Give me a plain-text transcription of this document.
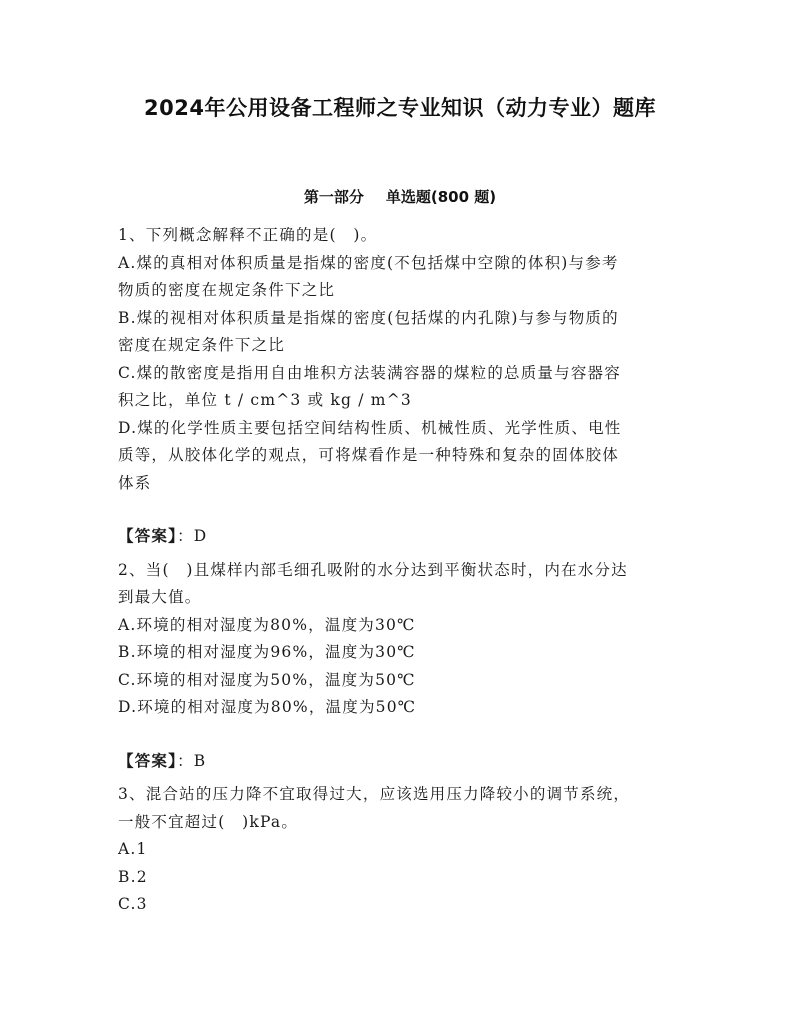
2024年公用设备工程师之专业知识（动力专业）题库
第一部分 单选题(800 题)
1、下列概念解释不正确的是(　)。
A.煤的真相对体积质量是指煤的密度(不包括煤中空隙的体积)与参考
物质的密度在规定条件下之比
B.煤的视相对体积质量是指煤的密度(包括煤的内孔隙)与参与物质的
密度在规定条件下之比
C.煤的散密度是指用自由堆积方法装满容器的煤粒的总质量与容器容
积之比，单位 t / cm^3 或 kg / m^3
D.煤的化学性质主要包括空间结构性质、机械性质、光学性质、电性
质等，从胶体化学的观点，可将煤看作是一种特殊和复杂的固体胶体
体系
【答案】：D
2、当(　)且煤样内部毛细孔吸附的水分达到平衡状态时，内在水分达
到最大值。
A.环境的相对湿度为80%，温度为30℃
B.环境的相对湿度为96%，温度为30℃
C.环境的相对湿度为50%，温度为50℃
D.环境的相对湿度为80%，温度为50℃
【答案】：B
3、混合站的压力降不宜取得过大，应该选用压力降较小的调节系统，
一般不宜超过(　)kPa。
A.1
B.2
C.3
